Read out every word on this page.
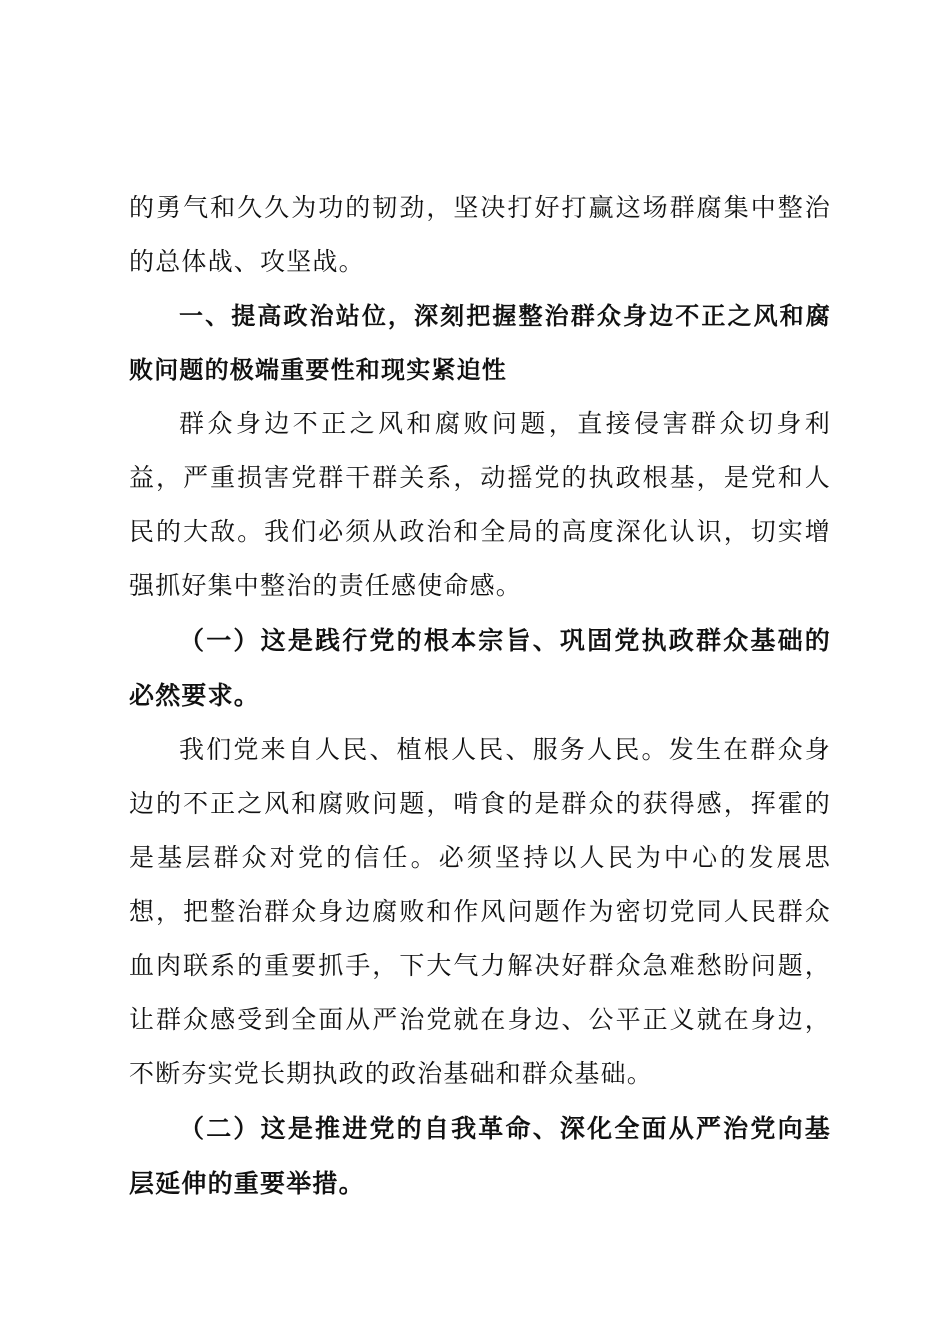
的勇气和久久为功的韧劲，坚决打好打赢这场群腐集中整治的总体战、攻坚战。

一、提高政治站位，深刻把握整治群众身边不正之风和腐败问题的极端重要性和现实紧迫性

群众身边不正之风和腐败问题，直接侵害群众切身利益，严重损害党群干群关系，动摇党的执政根基，是党和人民的大敌。我们必须从政治和全局的高度深化认识，切实增强抓好集中整治的责任感使命感。

（一）这是践行党的根本宗旨、巩固党执政群众基础的必然要求。

我们党来自人民、植根人民、服务人民。发生在群众身边的不正之风和腐败问题，啃食的是群众的获得感，挥霍的是基层群众对党的信任。必须坚持以人民为中心的发展思想，把整治群众身边腐败和作风问题作为密切党同人民群众血肉联系的重要抓手，下大气力解决好群众急难愁盼问题，让群众感受到全面从严治党就在身边、公平正义就在身边，不断夯实党长期执政的政治基础和群众基础。

（二）这是推进党的自我革命、深化全面从严治党向基层延伸的重要举措。
